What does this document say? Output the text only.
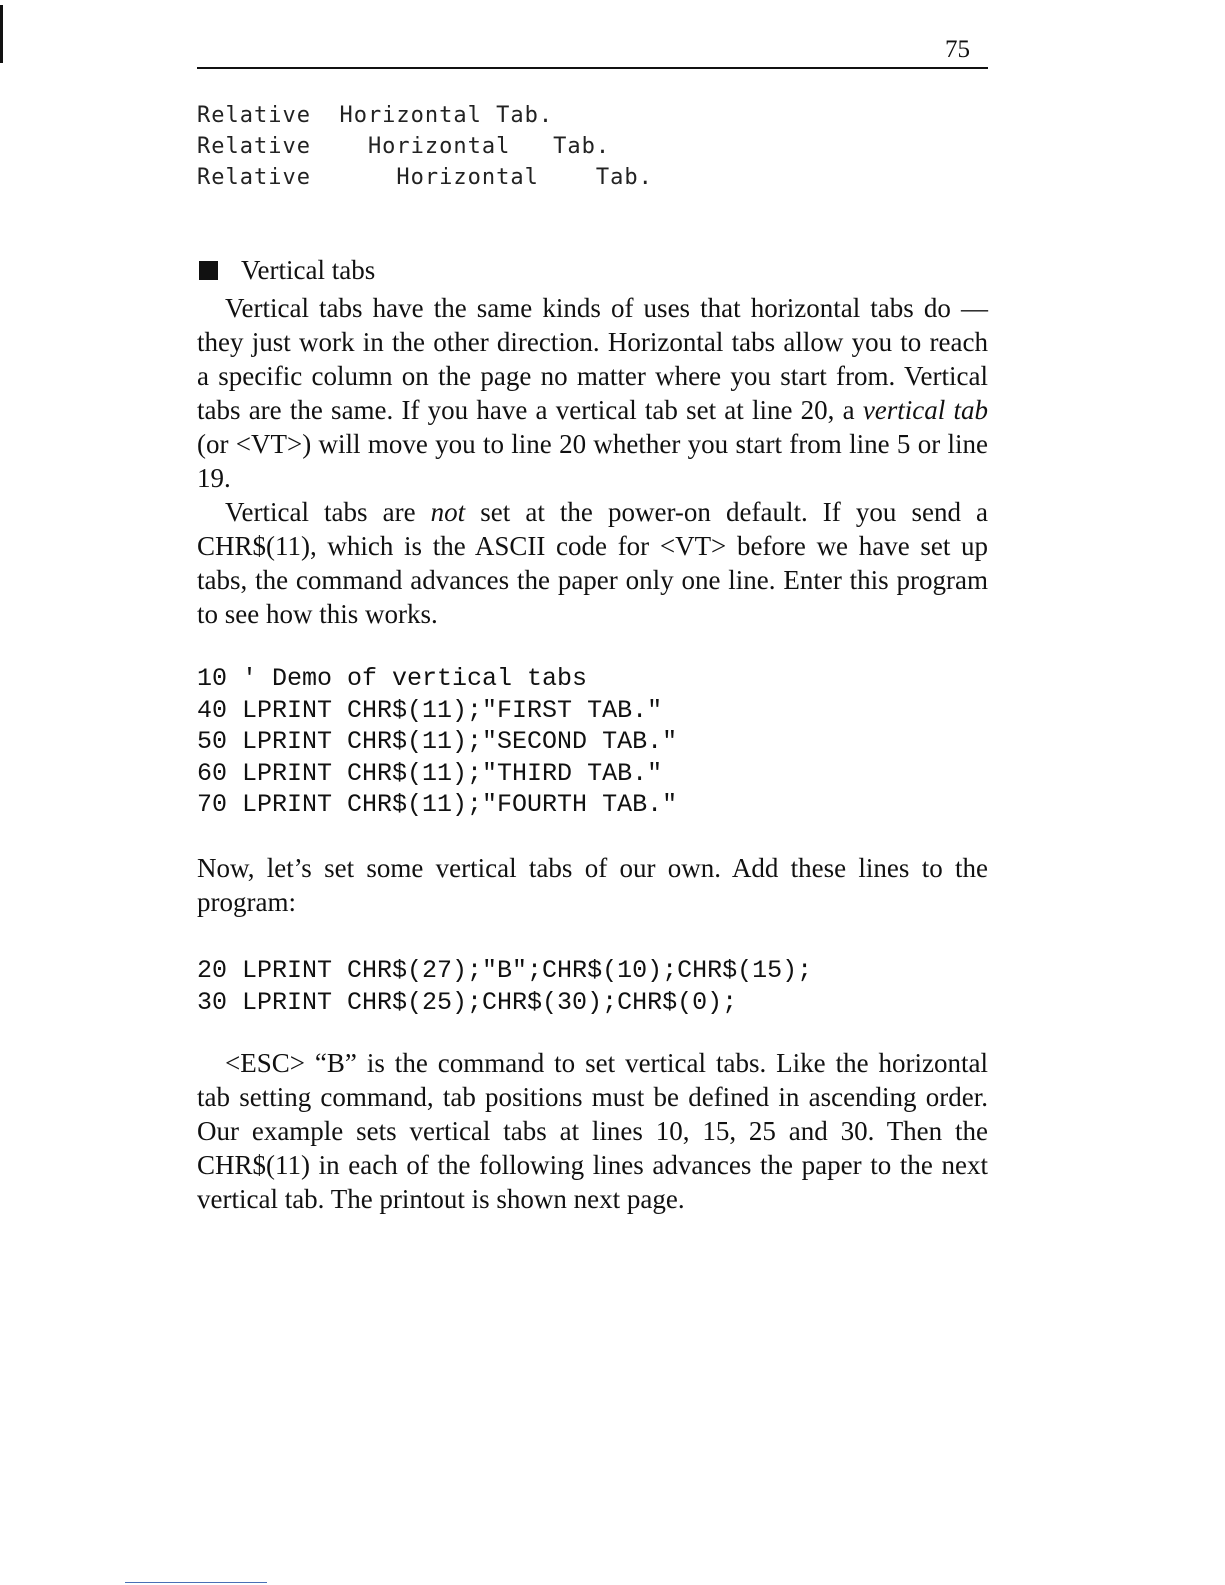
75
Relative  Horizontal Tab.
Relative    Horizontal   Tab.
Relative      Horizontal    Tab.
Vertical tabs

Vertical tabs have the same kinds of uses that horizontal tabs do — they just work in the other direction. Horizontal tabs allow you to reach a specific column on the page no matter where you start from. Vertical tabs are the same. If you have a vertical tab set at line 20, a vertical tab (or <VT>) will move you to line 20 whether you start from line 5 or line 19.

Vertical tabs are not set at the power-on default. If you send a CHR$(11), which is the ASCII code for <VT> before we have set up tabs, the command advances the paper only one line. Enter this program to see how this works.

10 ' Demo of vertical tabs
40 LPRINT CHR$(11);"FIRST TAB."
50 LPRINT CHR$(11);"SECOND TAB."
60 LPRINT CHR$(11);"THIRD TAB."
70 LPRINT CHR$(11);"FOURTH TAB."

Now, let’s set some vertical tabs of our own. Add these lines to the program:

20 LPRINT CHR$(27);"B";CHR$(10);CHR$(15);
30 LPRINT CHR$(25);CHR$(30);CHR$(0);

<ESC> “B” is the command to set vertical tabs. Like the horizontal tab setting command, tab positions must be defined in ascending order. Our example sets vertical tabs at lines 10, 15, 25 and 30. Then the CHR$(11) in each of the following lines advances the paper to the next vertical tab. The printout is shown next page.
